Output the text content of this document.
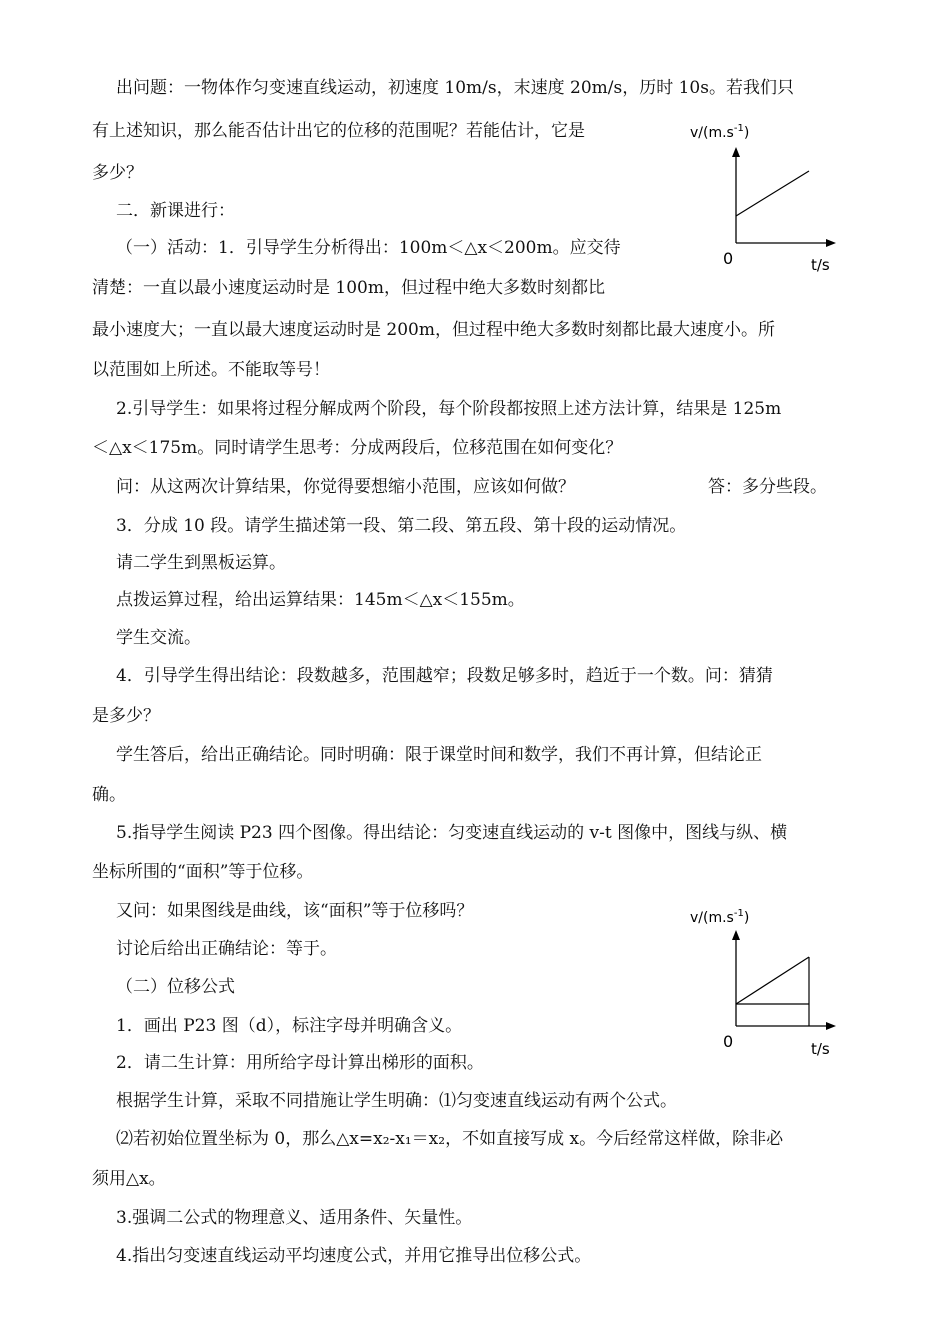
出问题：一物体作匀变速直线运动，初速度 10m/s，末速度 20m/s，历时 10s。若我们只
有上述知识，那么能否估计出它的位移的范围呢？若能估计，它是
多少？
二．新课进行：
（一）活动：1．引导学生分析得出：100m＜△x＜200m。应交待
清楚：一直以最小速度运动时是 100m，但过程中绝大多数时刻都比
最小速度大；一直以最大速度运动时是 200m，但过程中绝大多数时刻都比最大速度小。所
以范围如上所述。不能取等号！
2.引导学生：如果将过程分解成两个阶段，每个阶段都按照上述方法计算，结果是 125m
＜△x＜175m。同时请学生思考：分成两段后，位移范围在如何变化？
问：从这两次计算结果，你觉得要想缩小范围，应该如何做？	答：多分些段。
3．分成 10 段。请学生描述第一段、第二段、第五段、第十段的运动情况。
请二学生到黑板运算。
点拨运算过程，给出运算结果：145m＜△x＜155m。
学生交流。
4．引导学生得出结论：段数越多，范围越窄；段数足够多时，趋近于一个数。问：猜猜
是多少？
学生答后，给出正确结论。同时明确：限于课堂时间和数学，我们不再计算，但结论正
确。
5.指导学生阅读 P23 四个图像。得出结论：匀变速直线运动的 v-t 图像中，图线与纵、横
坐标所围的“面积”等于位移。
又问：如果图线是曲线，该“面积”等于位移吗？
讨论后给出正确结论：等于。
（二）位移公式
1．画出 P23 图（d），标注字母并明确含义。
2．请二生计算：用所给字母计算出梯形的面积。
根据学生计算，采取不同措施让学生明确：⑴匀变速直线运动有两个公式。
⑵若初始位置坐标为 0，那么△x=x₂-x₁＝x₂，不如直接写成 x。今后经常这样做，除非必
须用△x。
3.强调二公式的物理意义、适用条件、矢量性。
4.指出匀变速直线运动平均速度公式，并用它推导出位移公式。
$v/(m.s^{-1})$
0	t/s
$v/(m.s^{-1})$
0	t/s
